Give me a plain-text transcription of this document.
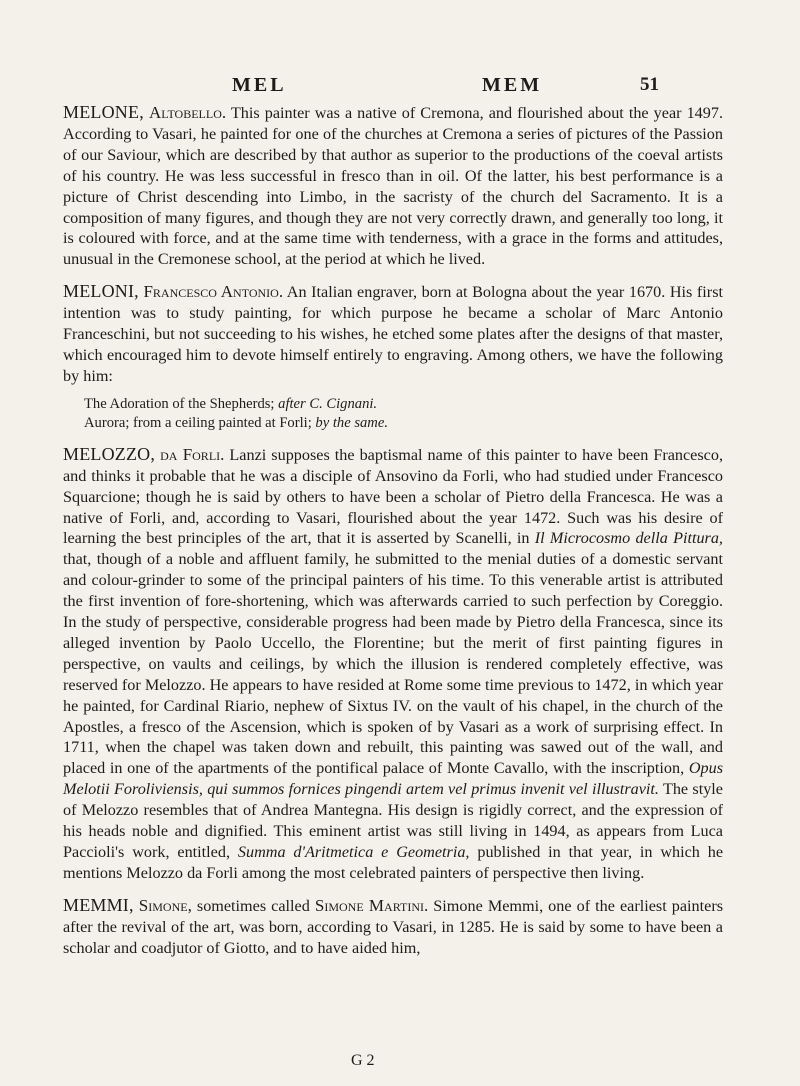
MEL	MEM	51

MELONE, Altobello. This painter was a native of Cremona, and flourished about the year 1497. According to Vasari, he painted for one of the churches at Cremona a series of pictures of the Passion of our Saviour, which are described by that author as superior to the productions of the coeval artists of his country. He was less successful in fresco than in oil. Of the latter, his best performance is a picture of Christ descending into Limbo, in the sacristy of the church del Sacramento. It is a composition of many figures, and though they are not very correctly drawn, and generally too long, it is coloured with force, and at the same time with tenderness, with a grace in the forms and attitudes, unusual in the Cremonese school, at the period at which he lived.

MELONI, Francesco Antonio. An Italian engraver, born at Bologna about the year 1670. His first intention was to study painting, for which purpose he became a scholar of Marc Antonio Franceschini, but not succeeding to his wishes, he etched some plates after the designs of that master, which encouraged him to devote himself entirely to engraving. Among others, we have the following by him:

The Adoration of the Shepherds; after C. Cignani.
Aurora; from a ceiling painted at Forli; by the same.

MELOZZO, da Forli. Lanzi supposes the baptismal name of this painter to have been Francesco, and thinks it probable that he was a disciple of Ansovino da Forli, who had studied under Francesco Squarcione; though he is said by others to have been a scholar of Pietro della Francesca. He was a native of Forli, and, according to Vasari, flourished about the year 1472. Such was his desire of learning the best principles of the art, that it is asserted by Scanelli, in Il Microcosmo della Pittura, that, though of a noble and affluent family, he submitted to the menial duties of a domestic servant and colour-grinder to some of the principal painters of his time. To this venerable artist is attributed the first invention of fore-shortening, which was afterwards carried to such perfection by Coreggio. In the study of perspective, considerable progress had been made by Pietro della Francesca, since its alleged invention by Paolo Uccello, the Florentine; but the merit of first painting figures in perspective, on vaults and ceilings, by which the illusion is rendered completely effective, was reserved for Melozzo. He appears to have resided at Rome some time previous to 1472, in which year he painted, for Cardinal Riario, nephew of Sixtus IV. on the vault of his chapel, in the church of the Apostles, a fresco of the Ascension, which is spoken of by Vasari as a work of surprising effect. In 1711, when the chapel was taken down and rebuilt, this painting was sawed out of the wall, and placed in one of the apartments of the pontifical palace of Monte Cavallo, with the inscription, Opus Melotii Foroliviensis, qui summos fornices pingendi artem vel primus invenit vel illustravit. The style of Melozzo resembles that of Andrea Mantegna. His design is rigidly correct, and the expression of his heads noble and dignified. This eminent artist was still living in 1494, as appears from Luca Paccioli's work, entitled, Summa d'Aritmetica e Geometria, published in that year, in which he mentions Melozzo da Forli among the most celebrated painters of perspective then living.

MEMMI, Simone, sometimes called Simone Martini. Simone Memmi, one of the earliest painters after the revival of the art, was born, according to Vasari, in 1285. He is said by some to have been a scholar and coadjutor of Giotto, and to have aided him,

G 2
